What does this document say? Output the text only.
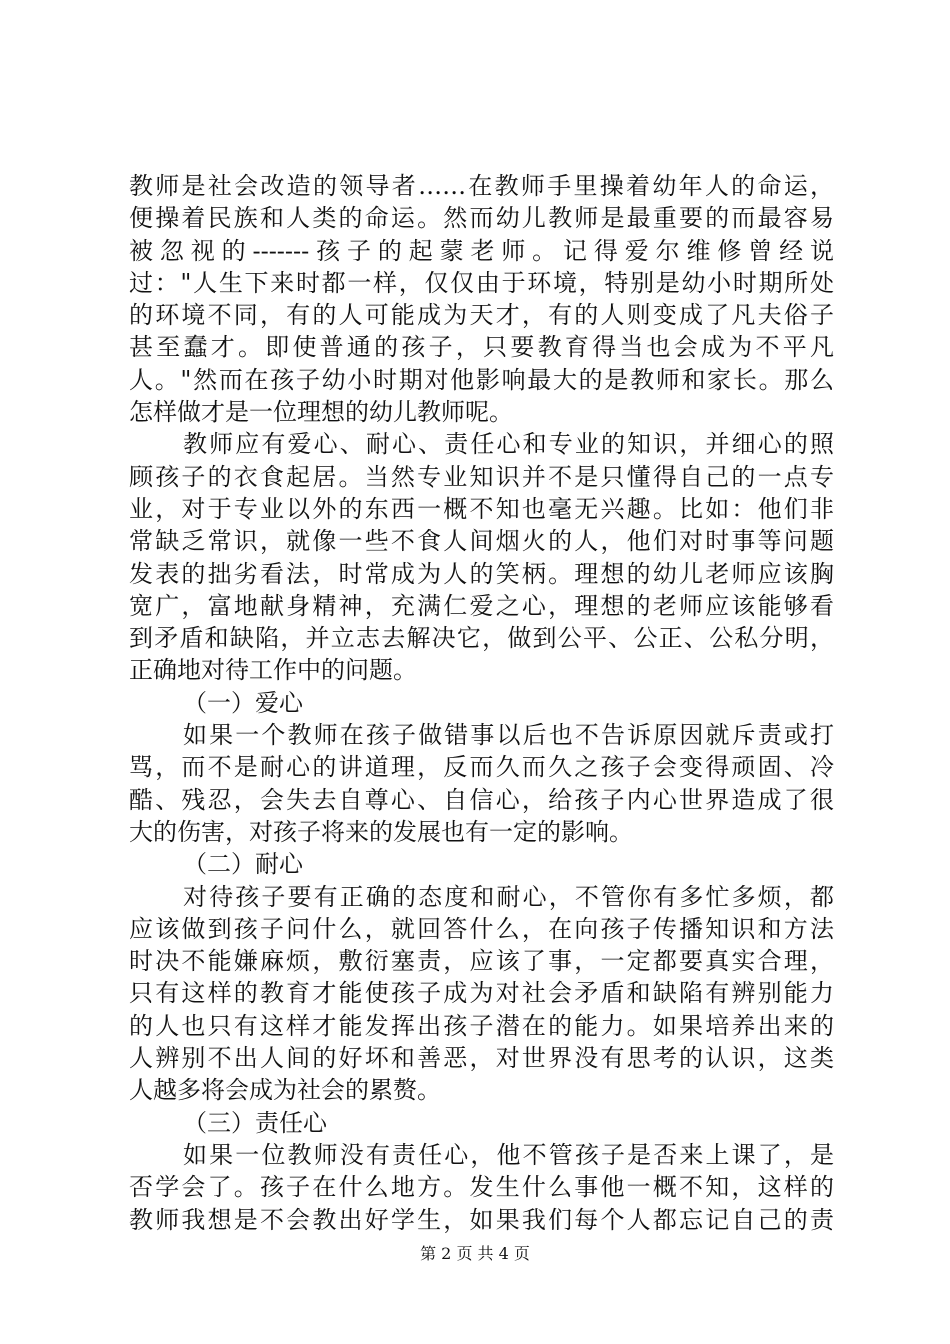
教师是社会改造的领导者……在教师手里操着幼年人的命运，
便操着民族和人类的命运。然而幼儿教师是最重要的而最容易
被忽视的-------孩子的起蒙老师。记得爱尔维修曾经说
过："人生下来时都一样，仅仅由于环境，特别是幼小时期所处
的环境不同，有的人可能成为天才，有的人则变成了凡夫俗子
甚至蠢才。即使普通的孩子，只要教育得当也会成为不平凡
人。"然而在孩子幼小时期对他影响最大的是教师和家长。那么
怎样做才是一位理想的幼儿教师呢。
教师应有爱心、耐心、责任心和专业的知识，并细心的照
顾孩子的衣食起居。当然专业知识并不是只懂得自己的一点专
业，对于专业以外的东西一概不知也毫无兴趣。比如：他们非
常缺乏常识，就像一些不食人间烟火的人，他们对时事等问题
发表的拙劣看法，时常成为人的笑柄。理想的幼儿老师应该胸
宽广，富地献身精神，充满仁爱之心，理想的老师应该能够看
到矛盾和缺陷，并立志去解决它，做到公平、公正、公私分明，
正确地对待工作中的问题。
（一）爱心
如果一个教师在孩子做错事以后也不告诉原因就斥责或打
骂，而不是耐心的讲道理，反而久而久之孩子会变得顽固、冷
酷、残忍，会失去自尊心、自信心，给孩子内心世界造成了很
大的伤害，对孩子将来的发展也有一定的影响。
（二）耐心
对待孩子要有正确的态度和耐心，不管你有多忙多烦，都
应该做到孩子问什么，就回答什么，在向孩子传播知识和方法
时决不能嫌麻烦，敷衍塞责，应该了事，一定都要真实合理，
只有这样的教育才能使孩子成为对社会矛盾和缺陷有辨别能力
的人也只有这样才能发挥出孩子潜在的能力。如果培养出来的
人辨别不出人间的好坏和善恶，对世界没有思考的认识，这类
人越多将会成为社会的累赘。
（三）责任心
如果一位教师没有责任心，他不管孩子是否来上课了，是
否学会了。孩子在什么地方。发生什么事他一概不知，这样的
教师我想是不会教出好学生，如果我们每个人都忘记自己的责
第 2 页 共 4 页
